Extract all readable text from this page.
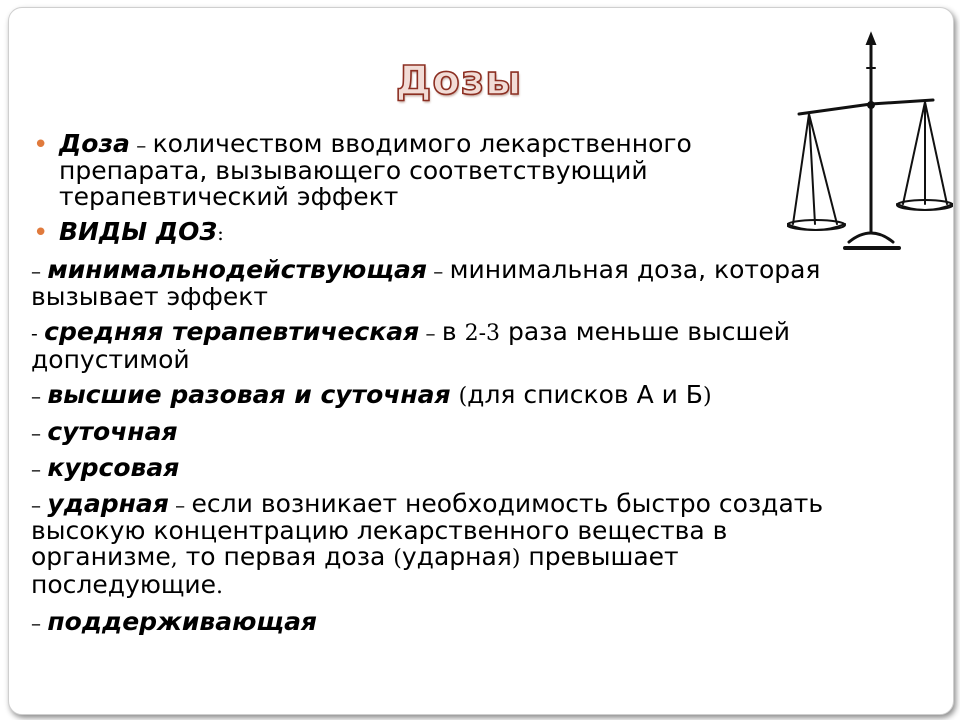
Дозы
• Доза – количеством вводимого лекарственного препарата, вызывающего соответствующий терапевтический эффект
• ВИДЫ ДОЗ:
– минимальнодействующая – минимальная доза, которая вызывает эффект
- средняя терапевтическая – в 2-3 раза меньше высшей допустимой
– высшие разовая и суточная (для списков А и Б)
– суточная
– курсовая
– ударная – если возникает необходимость быстро создать высокую концентрацию лекарственного вещества в организме, то первая доза (ударная) превышает последующие.
– поддерживающая
